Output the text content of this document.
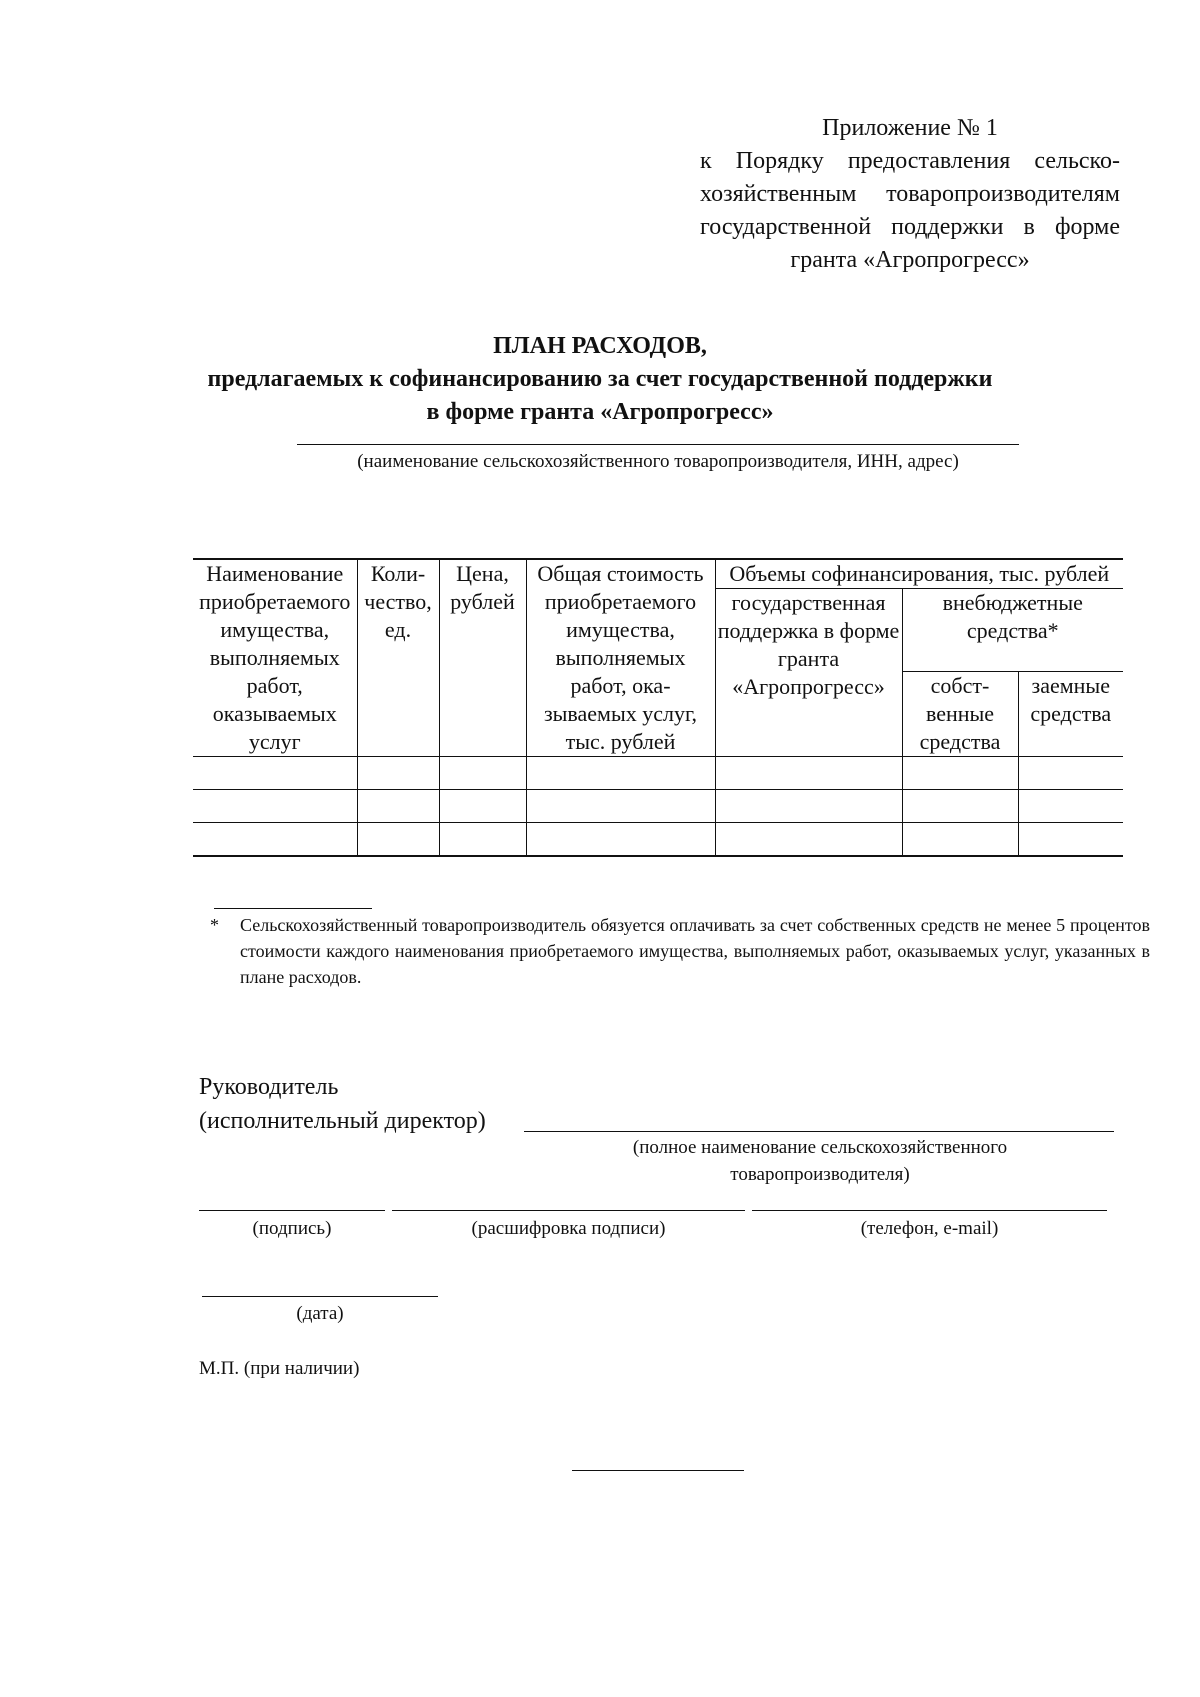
Приложение № 1
к Порядку предоставления сельскохозяйственным товаропроизводителям государственной поддержки в форме гранта «Агропрогресс»
ПЛАН РАСХОДОВ,
предлагаемых к софинансированию за счет государственной поддержки
в форме гранта «Агропрогресс»
(наименование сельскохозяйственного товаропроизводителя, ИНН, адрес)
Наименование приобретаемого имущества, выполняемых работ, оказываемых услуг	Количество, ед.	Цена, рублей	Общая стоимость приобретаемого имущества, выполняемых работ, оказываемых услуг, тыс. рублей	Объемы софинансирования, тыс. рублей		
				государственная поддержка в форме гранта «Агропрогресс»	внебюджетные средства*	
					собственные средства	заемные средства

* Сельскохозяйственный товаропроизводитель обязуется оплачивать за счет собственных средств не менее 5 процентов стоимости каждого наименования приобретаемого имущества, выполняемых работ, оказываемых услуг, указанных в плане расходов.
Руководитель
(исполнительный директор)
(полное наименование сельскохозяйственного товаропроизводителя)
(подпись)	(расшифровка подписи)	(телефон, e-mail)
(дата)
М.П. (при наличии)
